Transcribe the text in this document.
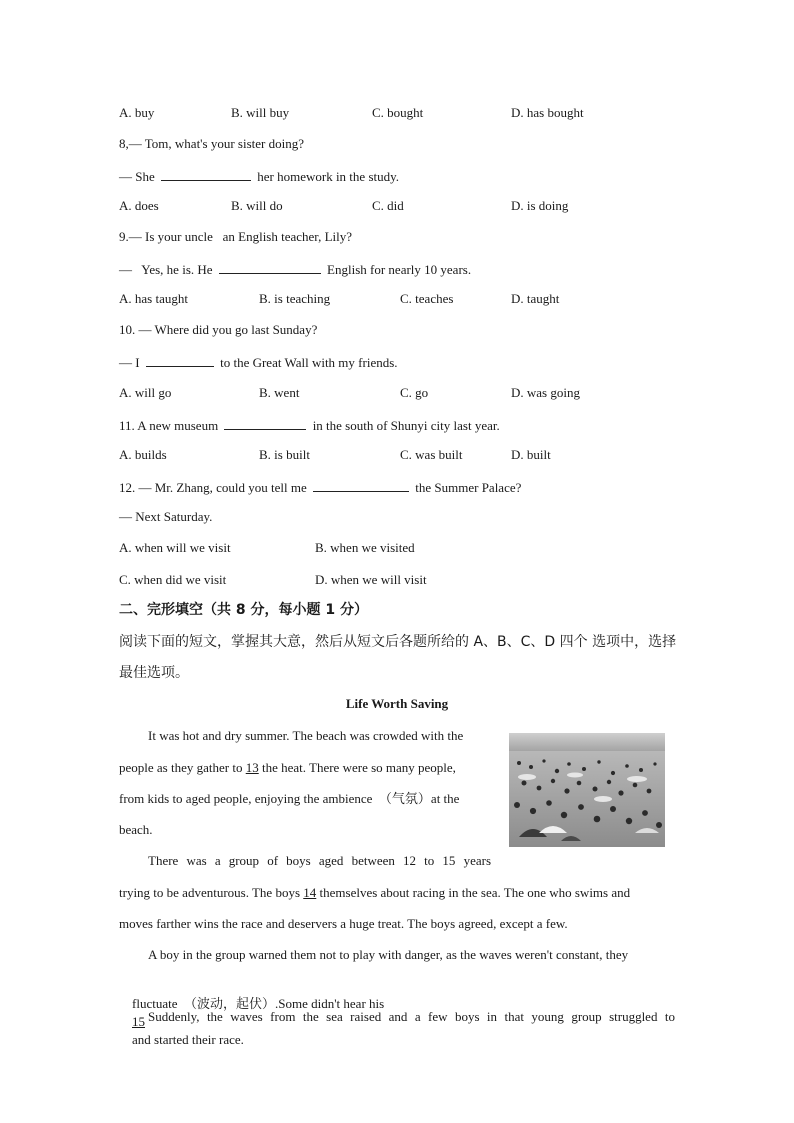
A. buy	B. will buy	C. bought	D. has bought
8,— Tom, what's your sister doing?
— She	her homework in the study.
A. does	B. will do	C. did	D. is doing
9.— Is your uncle   an English teacher, Lily?
—   Yes, he is. He	English for nearly 10 years.
A. has taught	B. is teaching	C. teaches	D. taught
10. — Where did you go last Sunday?
— I	to the Great Wall with my friends.
A. will go	B. went	C. go	D. was going
11. A new museum	in the south of Shunyi city last year.
A. builds	B. is built	C. was built	D. built
12. — Mr. Zhang, could you tell me	the Summer Palace?
— Next Saturday.
A. when will we visit	B. when we visited
C. when did we visit	D. when we will visit
二、完形填空（共 8 分，每小题 1 分）
阅读下面的短文，掌握其大意，然后从短文后各题所给的 A、B、C、D 四个 选项中，选择
最佳选项。
Life Worth Saving
It was hot and dry summer. The beach was crowded with the
people as they gather to 13 the heat. There were so many people,
from kids to aged people, enjoying the ambience  （气氛）at the
beach.
There was a group of boys aged between 12 to 15 years
trying to be adventurous. The boys 14 themselves about racing in the sea. The one who swims and
moves farther wins the race and deservers a huge treat. The boys agreed, except a few.
A boy in the group warned them not to play with danger, as the waves weren't constant, they

fluctuate  （波动，起伏）.Some didn't hear his
15
and started their race.

Suddenly, the waves from the sea raised and a few boys in that young group struggled to
